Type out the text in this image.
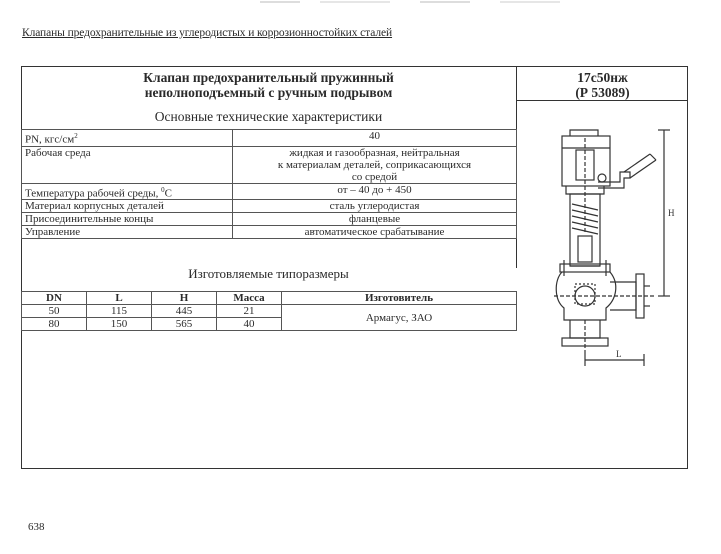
Клапаны предохранительные из углеродистых и коррозионностойких сталей
Клапан предохранительный пружинный
неполноподъемный с ручным подрывом
Основные технические характеристики
17с50нж
(Р 53089)
PN, кгс/$см^2$	40

Рабочая среда	жидкая и газообразная, нейтральная
к материалам деталей, соприкасающихся
со средой

Температура рабочей среды, $^0$С	от – 40 до + 450

Материал корпусных деталей	сталь углеродистая

Присоединительные концы	фланцевые

Управление	автоматическое срабатывание
Изготовляемые типоразмеры
DN	L	H	Масса	Изготовитель
50	115	445	21	Армагус, ЗАО
80	150	565	40	
H
L
638
